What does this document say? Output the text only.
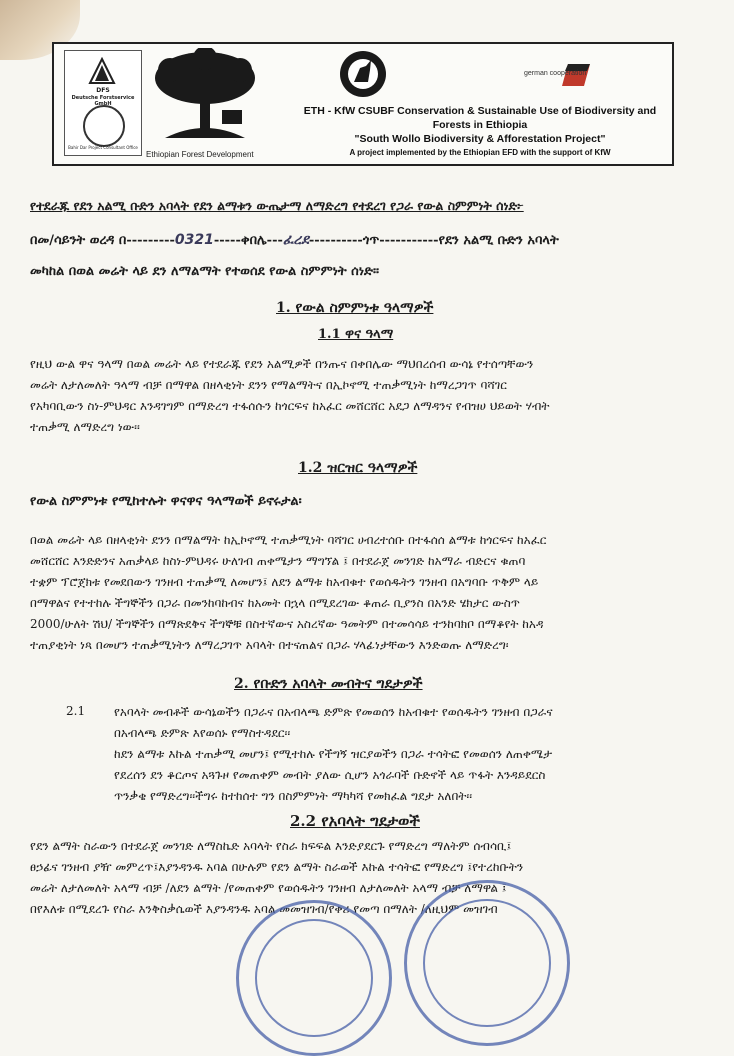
DFS
Deutsche Forstservice GmbH
Bahir Dar Project Consultant Office
Ethiopian Forest Development
german cooperation
ETH - KfW CSUBF Conservation & Sustainable Use of Biodiversity and
Forests in Ethiopia
"South Wollo Biodiversity & Afforestation Project"
A project implemented by the Ethiopian EFD with the support of KfW
የተደራጁ የደን አልሚ ቡድን አባላት የደን ልማቱን ውጤታማ ለማድረግ የተደረገ የጋራ የውል ስምምነት ሰነድ፦
በመ/ሳይንት ወረዳ በ---------0321-----ቀበሌ---ፈረደ----------ጎጥ-----------የደን አልሚ ቡድን አባላት
መካከል በወል መሬት ላይ ደን ለማልማት የተወሰደ የውል ስምምነት ሰነድ፡፡
1. የውል ስምምነቱ ዓላማዎች
1.1 ዋና ዓላማ
የዚህ ውል ዋና ዓላማ በወል መሬት ላይ የተደራጁ የደን አልሚዎች በንጡና በቀበሌው ማህበረሰብ ውሳኔ የተሰጣቸውን
መሬት ለታለመለት ዓላማ ብቻ በማዋል በዘላቂነት ደንን የማልማትና በኢኮኖሚ ተጠቃሚነት ከማረጋገጥ ባሻገር
የአካባቢውን ስነ-ምህዳር እንዳገግም በማድረግ ተፋሰሱን ከጎርፍና ከአፈር መሸርሸር አደጋ ለማዳንና የብዝሀ ህይወት ሃብት
ተጠቃሚ ለማድረግ ነው፡፡
1.2 ዝርዝር ዓላማዎች
የውል ስምምነቱ የሚከተሉት ዋናዋና ዓላማወች ይኖሩታል፡
በወል መሬት ላይ በዘላቂነት ደንን በማልማት ከኢኮኖሚ ተጠቃሚነት ባሻገር ሀብረተሰቡ በተፋሰሰ ልማቱ ከጎርፍና ከአፈር
መሸርሸር እንድድንና አጠቃላይ ከስነ-ምህዳሩ ሁለገብ ጠቀሜታን ማግኘል ፤ በተደራጀ መንገድ ከአማራ ብድርና ቁጠባ
ተቋም ፕሮጀክቱ የመደበውን ገንዘብ ተጠቃሚ ለመሆን፤ ለደን ልማቱ ከአብቁተ የወሰዱትን ገንዘብ በአግባቡ ጥቅም ላይ
በማዋልና የተተከሉ ችግኞችን በጋራ በመንከባከብና ከአመት በኋላ በሚደረገው ቆጠራ ቢያንስ በአንድ ሄክታር ውስጥ
2000/ሁለት ሽህ/ ችግኞችን በማጽደቅና ችግኞቹ በስተኛውና አስረኛው ዓመትም በተመሳሳይ ተንከባክቦ በማቆየት ከአዳ
ተጠያቂነት ነጻ በመሆን ተጠቃሚነትን ለማረጋገጥ አባላት በተናጠልና በጋራ ሃላፊነታቸውን እንድወጡ ለማድረግ፡
2. የቡድን አባላት መብትና ግደታዎች
2.1 የአባላት መብቶች ውሳኔወችን በጋራና በአብላጫ ድምጽ የመወሰን ከአብቁተ የወሰዱትን ገንዘብ በጋራና
በአብላጫ ድምጽ እየወሰኑ የማስተዳደር፡፡
ከደን ልማቱ እኩል ተጠቃሚ መሆን፤ የሚተከሉ የችግኝ ዝርያወችን በጋራ ተሳትፎ የመወሰን ለጠቀሜታ
የደረሰን ደን ቆርጦና አጓጉዞ የመጠቀም መብት ያለው ሲሆን አጎራባች ቡድኖች ላይ ጥፋት እንዳይደርስ
ጥንቃቄ የማድረግ፡፡ችግሩ ከተከሰተ ግን በስምምነት ማካካሻ የመክፈል ግደታ አለበት፡፡
2.2 የአባላት ግደታወች
የደን ልማት ስራውን በተደራጀ መንገድ ለማስኬድ አባላት የስራ ክፍፍል እንድያደርጉ የማድረግ ማለትም ሰብሳቢ፤
ፀኃፊና ገንዘብ ያዥ መምረጥ፤እያንዳንዱ አባል በሁሉም የደን ልማት ስራወች እኩል ተሳትፎ የማድረግ ፤የተረከቡትን
መሬት ለታለመለት አላማ ብቻ /ለደን ልማት /የመጠቀም የወሰዱትን ገንዘብ ለታለመለት አላማ ብቻ ለማዋል ፤
በየእለቱ በሚደረጉ የስራ እንቅስቃሴወች እያንዳንዱ አባል መመዝገብ/የቀሪ የመጣ በማለት /ለዚህም መዝገብ
